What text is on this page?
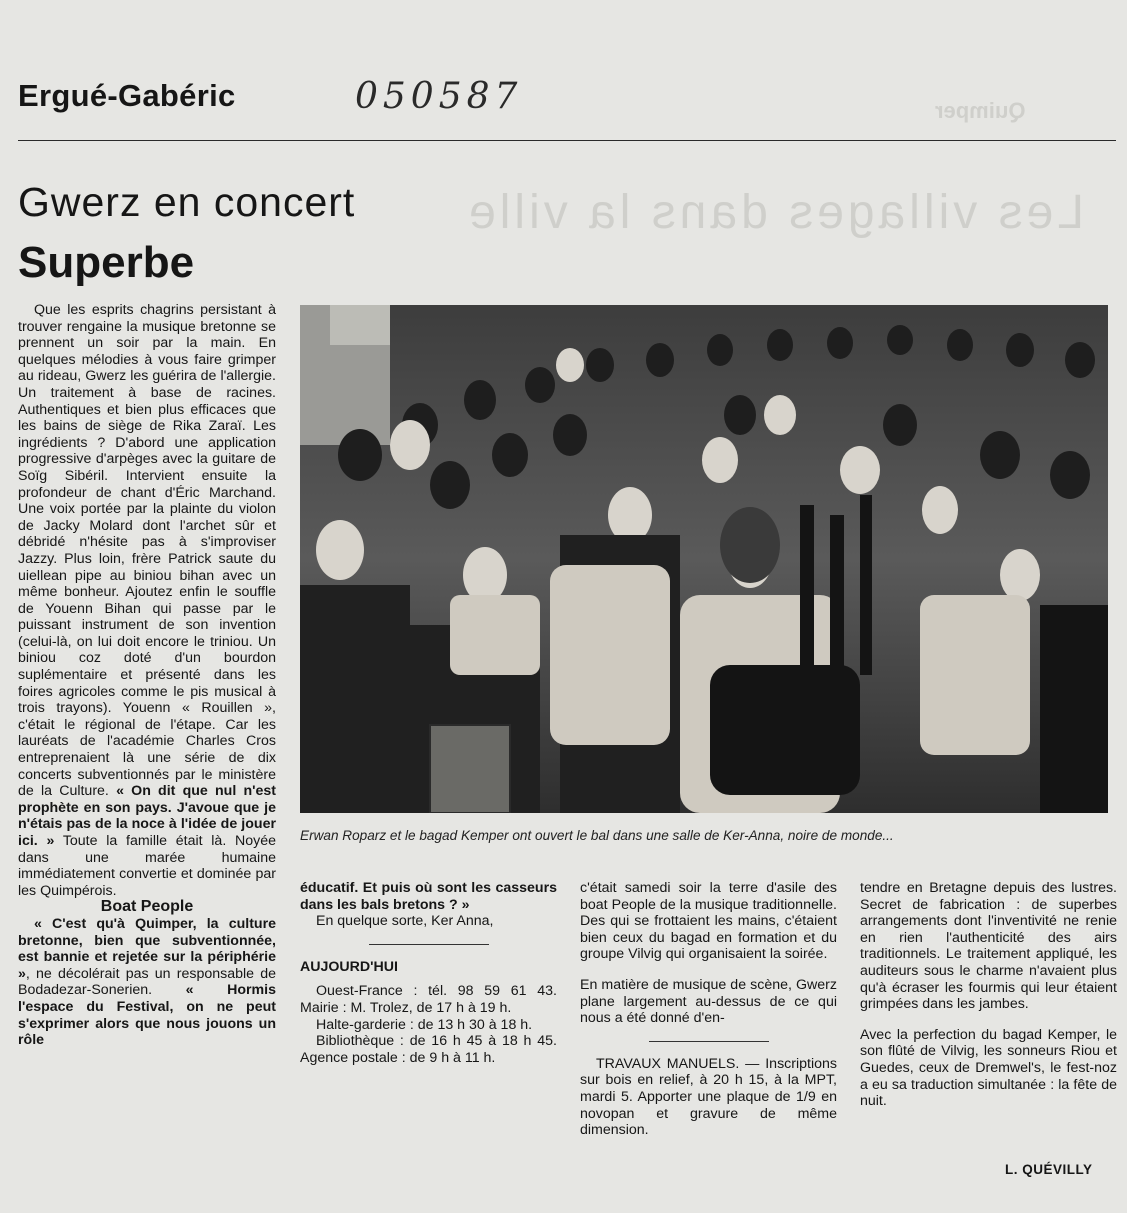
Les villages dans la ville
Quimper
Ergué-Gabéric	050587
Gwerz en concert
Superbe

Que les esprits chagrins persistant à trouver rengaine la musique bretonne se prennent un soir par la main. En quelques mélodies à vous faire grimper au rideau, Gwerz les guérira de l'allergie. Un traitement à base de racines. Authentiques et bien plus efficaces que les bains de siège de Rika Zaraï. Les ingrédients ? D'abord une application progressive d'arpèges avec la guitare de Soïg Sibéril. Intervient ensuite la profondeur de chant d'Éric Marchand. Une voix portée par la plainte du violon de Jacky Molard dont l'archet sûr et débridé n'hésite pas à s'improviser Jazzy. Plus loin, frère Patrick saute du uiellean pipe au biniou bihan avec un même bonheur. Ajoutez enfin le souffle de Youenn Bihan qui passe par le puissant instrument de son invention (celui-là, on lui doit encore le triniou. Un biniou coz doté d'un bourdon suplémentaire et présenté dans les foires agricoles comme le pis musical à trois trayons). Youenn « Rouillen », c'était le régional de l'étape. Car les lauréats de l'académie Charles Cros entreprenaient là une série de dix concerts subventionnés par le ministère de la Culture. « On dit que nul n'est prophète en son pays. J'avoue que je n'étais pas de la noce à l'idée de jouer ici. » Toute la famille était là. Noyée dans une marée humaine immédiatement convertie et dominée par les Quimpérois.

Boat People

« C'est qu'à Quimper, la culture bretonne, bien que subventionnée, est bannie et rejetée sur la périphérie », ne décolérait pas un responsable de Bodadezar-Sonerien. « Hormis l'espace du Festival, on ne peut s'exprimer alors que nous jouons un rôle

Erwan Roparz et le bagad Kemper ont ouvert le bal dans une salle de Ker-Anna, noire de monde...

éducatif. Et puis où sont les casseurs dans les bals bretons ? »

En quelque sorte, Ker Anna,

AUJOURD'HUI

Ouest-France : tél. 98 59 61 43. Mairie : M. Trolez, de 17 h à 19 h.

Halte-garderie : de 13 h 30 à 18 h.

Bibliothèque : de 16 h 45 à 18 h 45. Agence postale : de 9 h à 11 h.

c'était samedi soir la terre d'asile des boat People de la musique traditionnelle. Des qui se frottaient les mains, c'étaient bien ceux du bagad en formation et du groupe Vilvig qui organisaient la soirée.

En matière de musique de scène, Gwerz plane largement au-dessus de ce qui nous a été donné d'en-

TRAVAUX MANUELS. — Inscriptions sur bois en relief, à 20 h 15, à la MPT, mardi 5. Apporter une plaque de 1/9 en novopan et gravure de même dimension.

tendre en Bretagne depuis des lustres. Secret de fabrication : de superbes arrangements dont l'inventivité ne renie en rien l'authenticité des airs traditionnels. Le traitement appliqué, les auditeurs sous le charme n'avaient plus qu'à écraser les fourmis qui leur étaient grimpées dans les jambes.

Avec la perfection du bagad Kemper, le son flûté de Vilvig, les sonneurs Riou et Guedes, ceux de Dremwel's, le fest-noz a eu sa traduction simultanée : la fête de nuit.

L. QUÉVILLY
